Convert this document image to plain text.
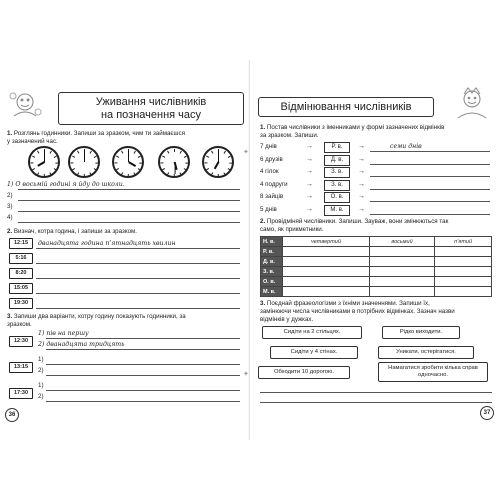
Уживання числівників
на позначення часу
1. Розглянь годинники. Запиши за зразком, чим ти займаєшся
у зазначений час.
1) О восьмій годині я йду до школи.
2)
3)
4)
2. Визнач, котра година, і запиши за зразком.
12:15	дванадцята година п’ятнадцять хвилин
5:16
8:20
15:05
19:30
3. Запиши два варіанти, котру годину показують годинники, за
зразком.
12:30
1) пів на першу
2) дванадцята тридцять
13:15
1)
2)
17:30
1)
2)
36
✦
✦
Відмінювання числівників
1. Постав числівники з іменниками у формі зазначених відмінків
за зразком. Запиши.
2. Провідміняй числівники. Запиши. Зауваж, вони змінюються так
само, як прикметники.
Н. в.	четвертий	восьмий	п’ятий
Р. в.			
Д. в.			
З. в.			
О. в.			
М. в.			
3. Поєднай фразеологізми з їхніми значеннями. Запиши їх,
замінюючи числа числівниками в потрібних відмінках. Зазнач назви
відмінків у дужках.
Сидіти на 2 стільцях.
Сидіти у 4 стінах.
Обходити 10 дорогою.
Рідко виходити.
Уникати, остерігатися.
Намагатися зробити кілька справ одночасно.
37
7 днів	→	Р. в.	→	семи днів
6 друзів	→	Д. в.	→
4 гілок	→	З. в.	→
4 подруги	→	З. в.	→
8 зайців	→	О. в.	→
5 днів	→	М. в.	→
